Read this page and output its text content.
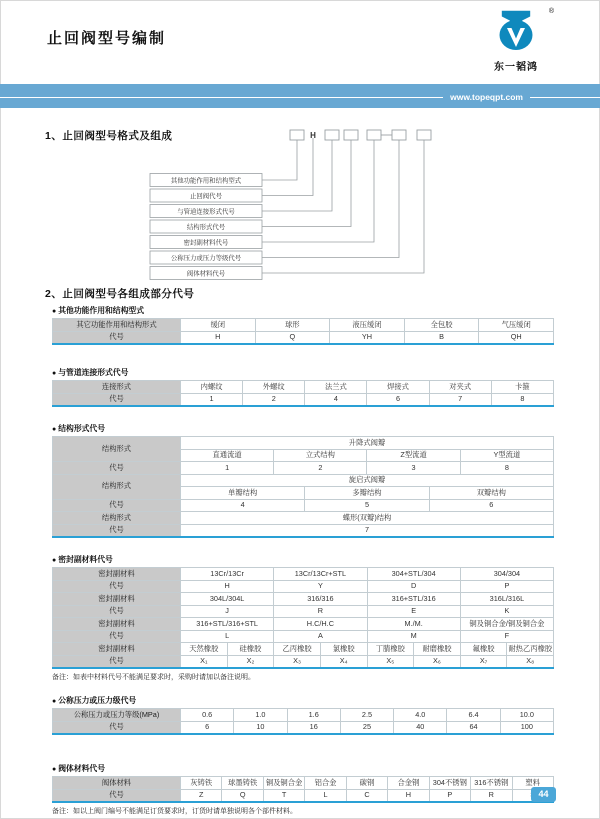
止回阀型号编制
®
东一韬鸿
www.topeqpt.com
1、止回阀型号格式及组成	H
其他功能作用和结构型式
止回阀代号
与管道连接形式代号
结构形式代号
密封副材料代号
公称压力或压力等级代号
阀体材料代号
2、止回阀型号各组成部分代号
● 其他功能作用和结构型式
其它功能作用和结构形式	缓闭	球形	液压缓闭	全包胶	气压缓闭
代号	H	Q	YH	B	QH
● 与管道连接形式代号
连接形式	内螺纹	外螺纹	法兰式	焊接式	对夹式	卡箍
代号	1	2	4	6	7	8
● 结构形式代号
结构形式	升降式阀瓣					
	直通流道	立式结构		Z型流道		Y型流道
代号	1	2		3		8
结构形式	旋启式阀瓣					
	单瓣结构		多瓣结构		双瓣结构	
代号	4		5		6	
结构形式	蝶形(双瓣)结构					
代号	7					
● 密封副材料代号
密封副材料	13Cr/13Cr		13Cr/13Cr+STL		304+STL/304		304/304	
代号	H		Y		D		P	
密封副材料	304L/304L		316/316		316+STL/316		316L/316L	
代号	J		R		E		K	
密封副材料	316+STL/316+STL		H.C/H.C		M./M.		铜及铜合金/铜及铜合金	
代号	L		A		M		F	
密封副材料	天然橡胶	硅橡胶	乙丙橡胶	氯橡胶	丁腈橡胶	耐磨橡胶	氟橡胶	耐热乙丙橡胶
代号	X₁	X₂	X₃	X₄	X₅	X₆	X₇	X₈
备注：如表中材料代号不能满足要求时，采购时请加以备注说明。
● 公称压力或压力级代号
公称压力或压力等级(MPa)	0.6	1.0	1.6	2.5	4.0	6.4	10.0
代号	6	10	16	25	40	64	100
● 阀体材料代号
阀体材料	灰铸铁	球墨铸铁	铜及铜合金	铝合金	碳钢	合金钢	304不锈钢	316不锈钢	塑料
代号	Z	Q	T	L	C	H	P	R	
备注：如以上阀门编号不能满足订货要求时，订货时请单独说明各个部件材料。
44
